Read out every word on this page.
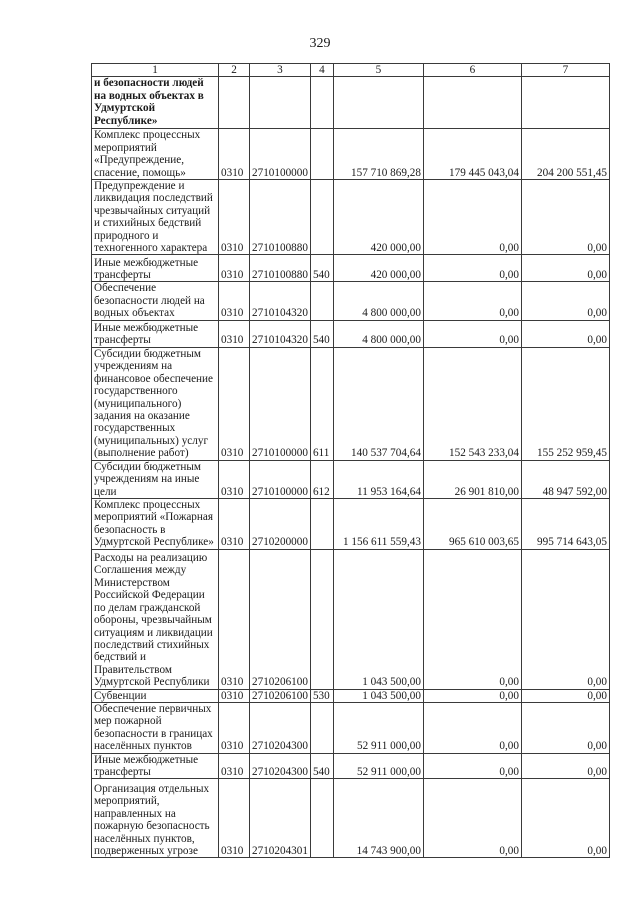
329
1	2	3	4	5	6	7
и безопасности людей на водных объектах в Удмуртской Республике»						
Комплекс процессных мероприятий «Предупреждение, спасение, помощь»	0310	2710100000		157 710 869,28	179 445 043,04	204 200 551,45
Предупреждение и ликвидация последствий чрезвычайных ситуаций и стихийных бедствий природного и техногенного характера	0310	2710100880		420 000,00	0,00	0,00
Иные межбюджетные трансферты	0310	2710100880	540	420 000,00	0,00	0,00
Обеспечение безопасности людей на водных объектах	0310	2710104320		4 800 000,00	0,00	0,00
Иные межбюджетные трансферты	0310	2710104320	540	4 800 000,00	0,00	0,00
Субсидии бюджетным учреждениям на финансовое обеспечение государственного (муниципального) задания на оказание государственных (муниципальных) услуг (выполнение работ)	0310	2710100000	611	140 537 704,64	152 543 233,04	155 252 959,45
Субсидии бюджетным учреждениям на иные цели	0310	2710100000	612	11 953 164,64	26 901 810,00	48 947 592,00
Комплекс процессных мероприятий «Пожарная безопасность в Удмуртской Республике»	0310	2710200000		1 156 611 559,43	965 610 003,65	995 714 643,05
Расходы на реализацию Соглашения между Министерством Российской Федерации по делам гражданской обороны, чрезвычайным ситуациям и ликвидации последствий стихийных бедствий и Правительством Удмуртской Республики	0310	2710206100		1 043 500,00	0,00	0,00
Субвенции	0310	2710206100	530	1 043 500,00	0,00	0,00
Обеспечение первичных мер пожарной безопасности в границах населённых пунктов	0310	2710204300		52 911 000,00	0,00	0,00
Иные межбюджетные трансферты	0310	2710204300	540	52 911 000,00	0,00	0,00
Организация отдельных мероприятий, направленных на пожарную безопасность населённых пунктов, подверженных угрозе	0310	2710204301		14 743 900,00	0,00	0,00
